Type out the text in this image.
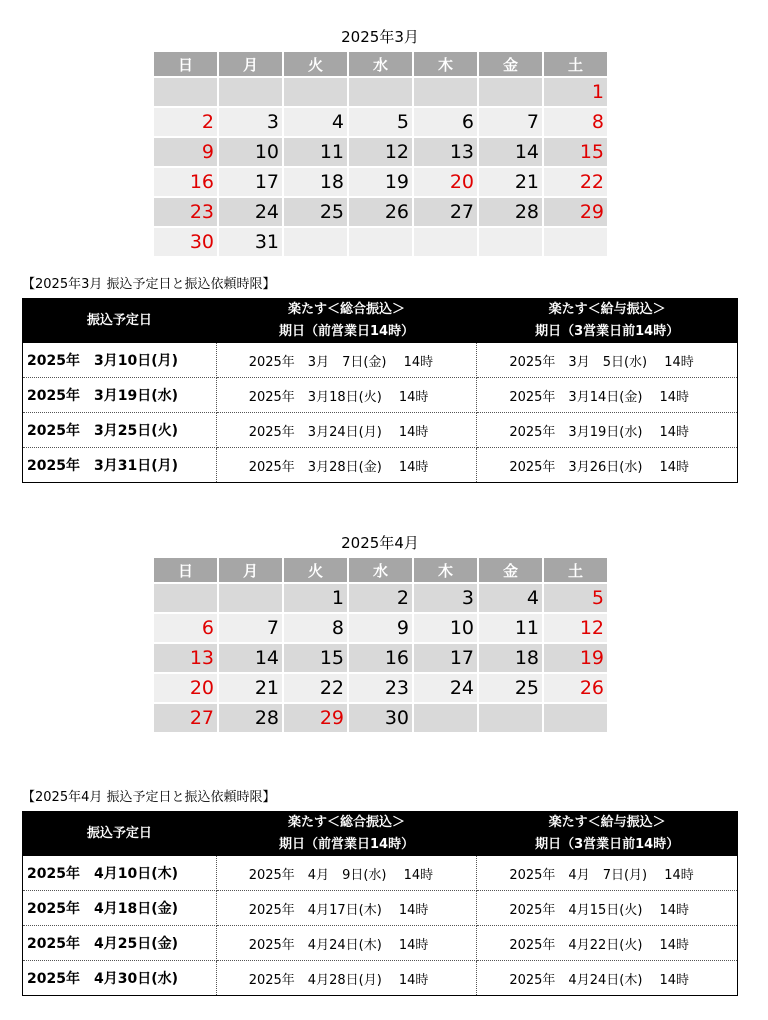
2025年3月
日	月	火	水	木	金	土
						1
2	3	4	5	6	7	8
9	10	11	12	13	14	15
16	17	18	19	20	21	22
23	24	25	26	27	28	29
30	31					
【2025年3月 振込予定日と振込依頼時限】
振込予定日	楽たす＜総合振込＞	楽たす＜給与振込＞
	期日（前営業日14時）	期日（3営業日前14時）
2025年　3月10日(月)	2025年　3月　7日(金)　 14時	2025年　3月　5日(水)　 14時
2025年　3月19日(水)	2025年　3月18日(火)　 14時	2025年　3月14日(金)　 14時
2025年　3月25日(火)	2025年　3月24日(月)　 14時	2025年　3月19日(水)　 14時
2025年　3月31日(月)	2025年　3月28日(金)　 14時	2025年　3月26日(水)　 14時
2025年4月
日	月	火	水	木	金	土
		1	2	3	4	5
6	7	8	9	10	11	12
13	14	15	16	17	18	19
20	21	22	23	24	25	26
27	28	29	30			
【2025年4月 振込予定日と振込依頼時限】
振込予定日	楽たす＜総合振込＞	楽たす＜給与振込＞
	期日（前営業日14時）	期日（3営業日前14時）
2025年　4月10日(木)	2025年　4月　9日(水)　 14時	2025年　4月　7日(月)　 14時
2025年　4月18日(金)	2025年　4月17日(木)　 14時	2025年　4月15日(火)　 14時
2025年　4月25日(金)	2025年　4月24日(木)　 14時	2025年　4月22日(火)　 14時
2025年　4月30日(水)	2025年　4月28日(月)　 14時	2025年　4月24日(木)　 14時
